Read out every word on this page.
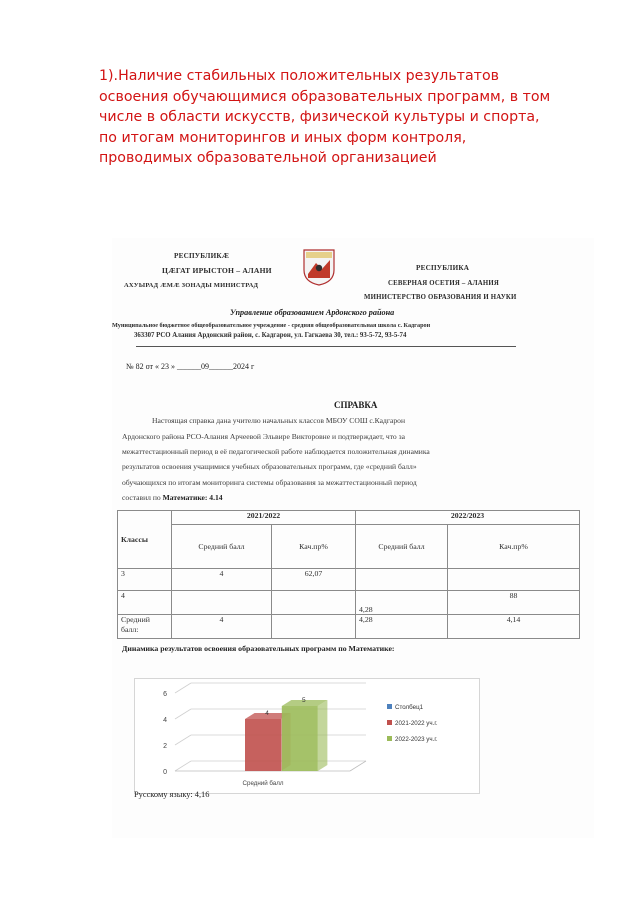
1).Наличие стабильных положительных результатов
освоения обучающимися образовательных программ, в том
числе в области искусств, физической культуры и спорта,
по итогам мониторингов и иных форм контроля,
проводимых образовательной организацией
РЕСПУБЛИКӔ
ЦӔГАТ ИРЫСТОН – АЛАНИ
АХУЫРАД ӔМӔ ЗОНАДЫ МИНИСТРАД
РЕСПУБЛИКА
СЕВЕРНАЯ ОСЕТИЯ – АЛАНИЯ
МИНИСТЕРСТВО ОБРАЗОВАНИЯ И НАУКИ
Управление образованием Ардонского района
Муниципальное бюджетное общеобразовательное учреждение - средняя общеобразовательная школа с. Кадгарон
363307 РСО Алания Ардонский район, с. Кадгарон, ул. Гагкаева 30, тел.: 93-5-72, 93-5-74
№ 82 от « 23 » ______09______2024 г
СПРАВКА
Настоящая справка дана учителю начальных классов МБОУ СОШ с.Кадгарон
Ардонского района РСО-Алания Арчеевой Эльвире Викторовне и подтверждает, что за
межаттестационный период в её педагогической работе наблюдается положительная динамика
результатов освоения учащимися учебных образовательных программ, где «средний балл»
обучающихся по итогам мониторинга системы образования за межаттестационный период
составил по Математике: 4.14
Классы	2021/2022		2022/2023	
	Средний балл	Кач.пр%	Средний балл	Кач.пр%
3	4	62,07		
4			4,28	88
Средний балл:	4		4,28	4,14
Динамика результатов освоения образовательных программ по Математике:
0
2
4
6
4
5
Средний балл
Столбец1
2021-2022 уч.г.
2022-2023 уч.г.
Русскому языку: 4,16
